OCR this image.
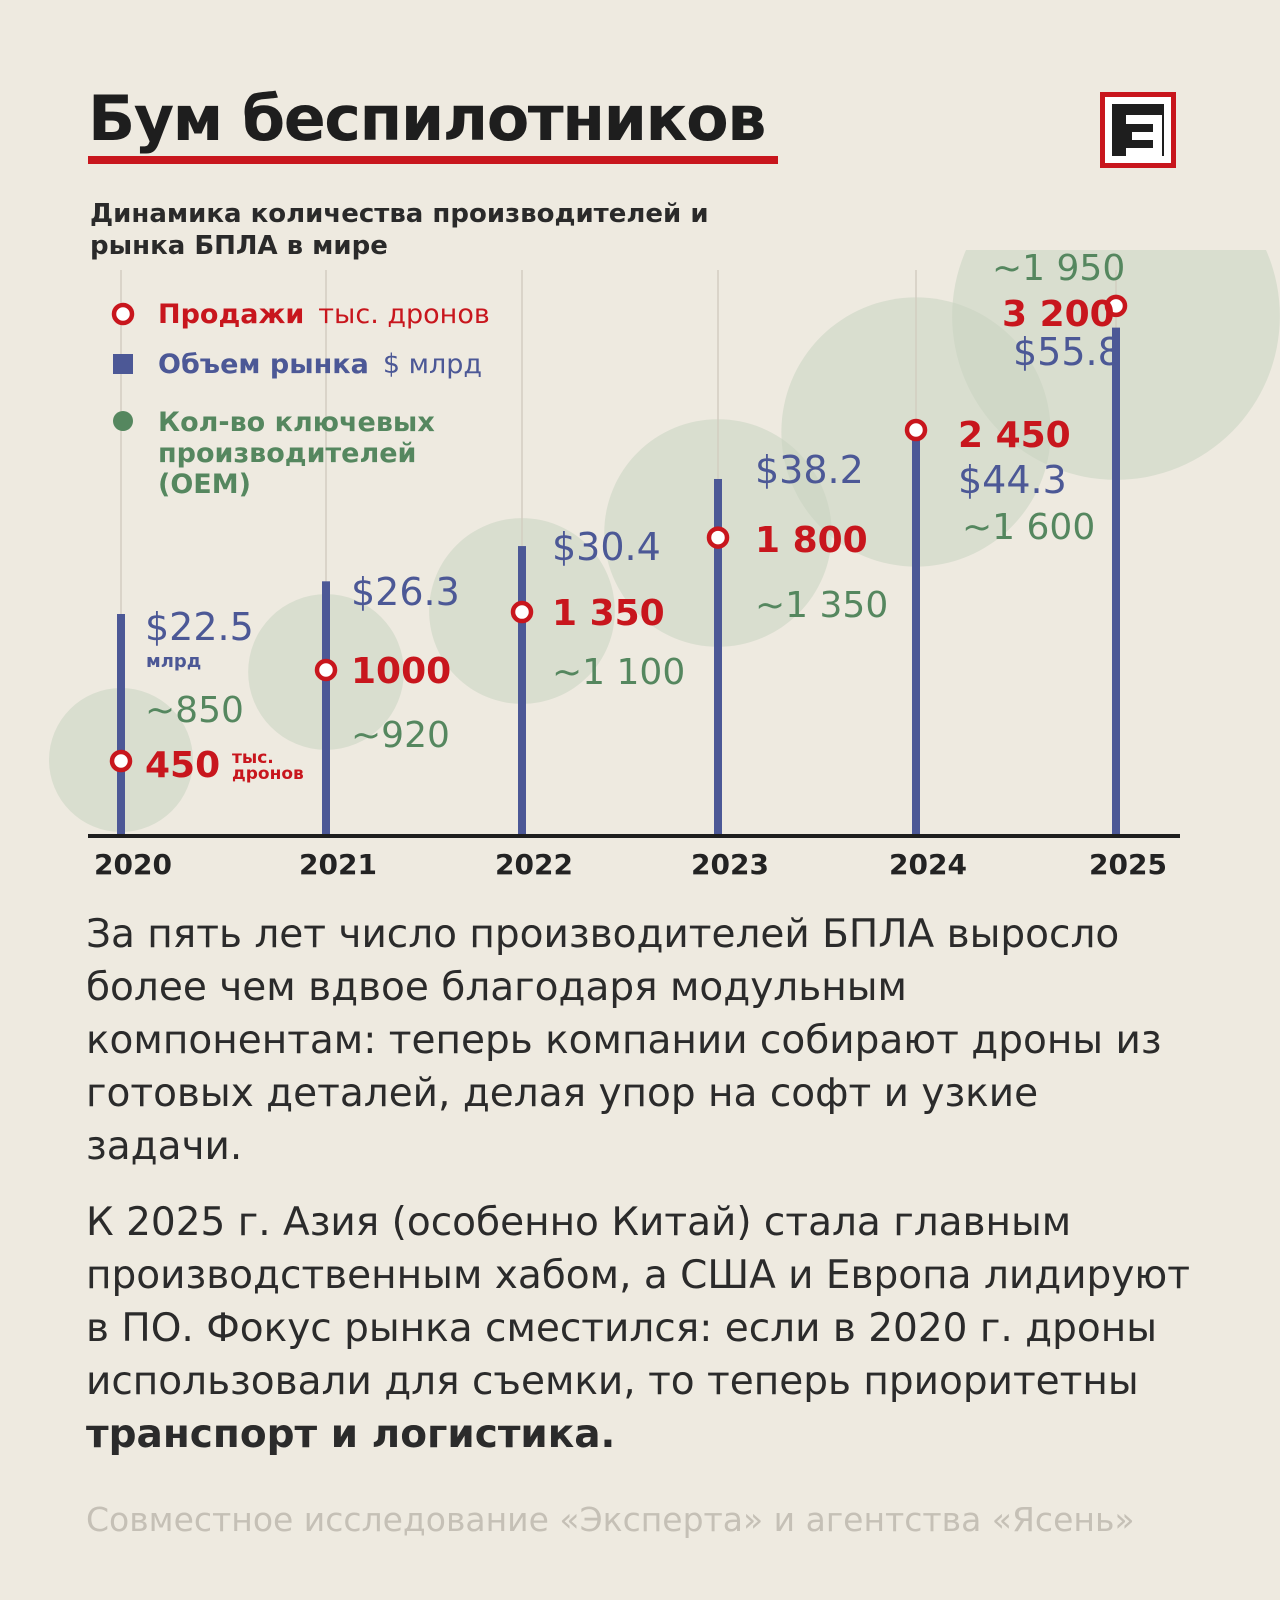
Бум беспилотников
Динамика количества производителей и рынка БПЛА в мире
$22.5
450
~850
$26.3
1000
~920
$30.4
1 350
~1 100
$38.2
1 800
~1 350
$44.3
2 450
~1 600
$55.8
3 200
~1 950
млрд
тыс.
дронов
Продажи тыс. дронов
Объем рынка $ млрд
Кол-во ключевых
производителей
(OEM)
2020	2021	2022	2023	2024	2025

За пять лет число производителей БПЛА выросло более чем вдвое благодаря модульным компонентам: теперь компании собирают дроны из готовых деталей, делая упор на софт и узкие задачи.

К 2025 г. Азия (особенно Китай) стала главным производственным хабом, а США и Европа лидируют в ПО. Фокус рынка сместился: если в 2020 г. дроны использовали для съемки, то теперь приоритетны транспорт и логистика.

Совместное исследование «Эксперта» и агентства «Ясень»
